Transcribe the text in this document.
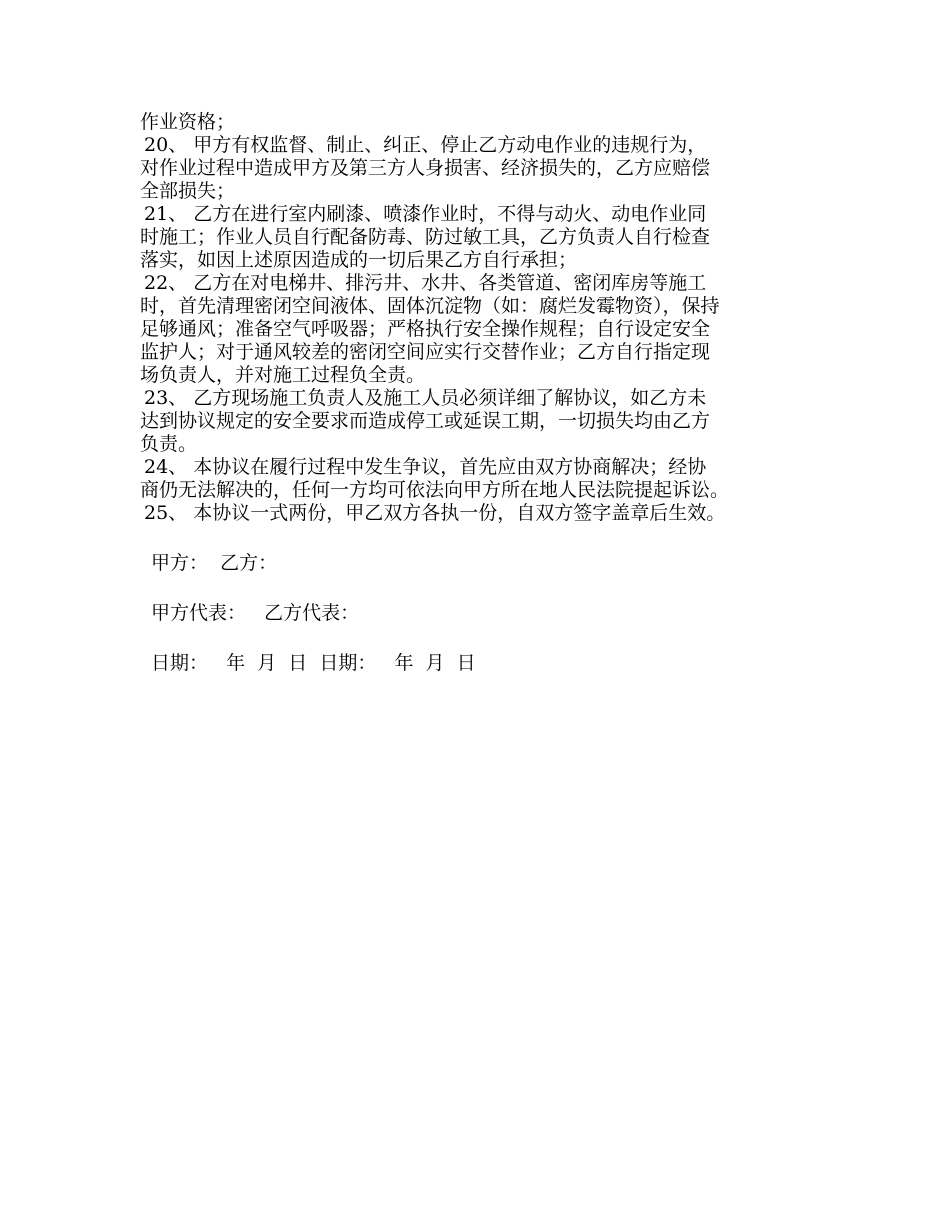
作业资格；
20、 甲方有权监督、制止、纠正、停止乙方动电作业的违规行为，
对作业过程中造成甲方及第三方人身损害、经济损失的，乙方应赔偿
全部损失；
21、 乙方在进行室内刷漆、喷漆作业时，不得与动火、动电作业同
时施工；作业人员自行配备防毒、防过敏工具，乙方负责人自行检查
落实，如因上述原因造成的一切后果乙方自行承担；
22、 乙方在对电梯井、排污井、水井、各类管道、密闭库房等施工
时，首先清理密闭空间液体、固体沉淀物（如：腐烂发霉物资），保持
足够通风；准备空气呼吸器；严格执行安全操作规程；自行设定安全
监护人；对于通风较差的密闭空间应实行交替作业；乙方自行指定现
场负责人，并对施工过程负全责。
23、 乙方现场施工负责人及施工人员必须详细了解协议，如乙方未
达到协议规定的安全要求而造成停工或延误工期，一切损失均由乙方
负责。
24、 本协议在履行过程中发生争议，首先应由双方协商解决；经协
商仍无法解决的，任何一方均可依法向甲方所在地人民法院提起诉讼。
25、 本协议一式两份，甲乙双方各执一份，自双方签字盖章后生效。
甲方：  乙方：
甲方代表：   乙方代表：
日期：   年  月  日  日期：   年  月  日
